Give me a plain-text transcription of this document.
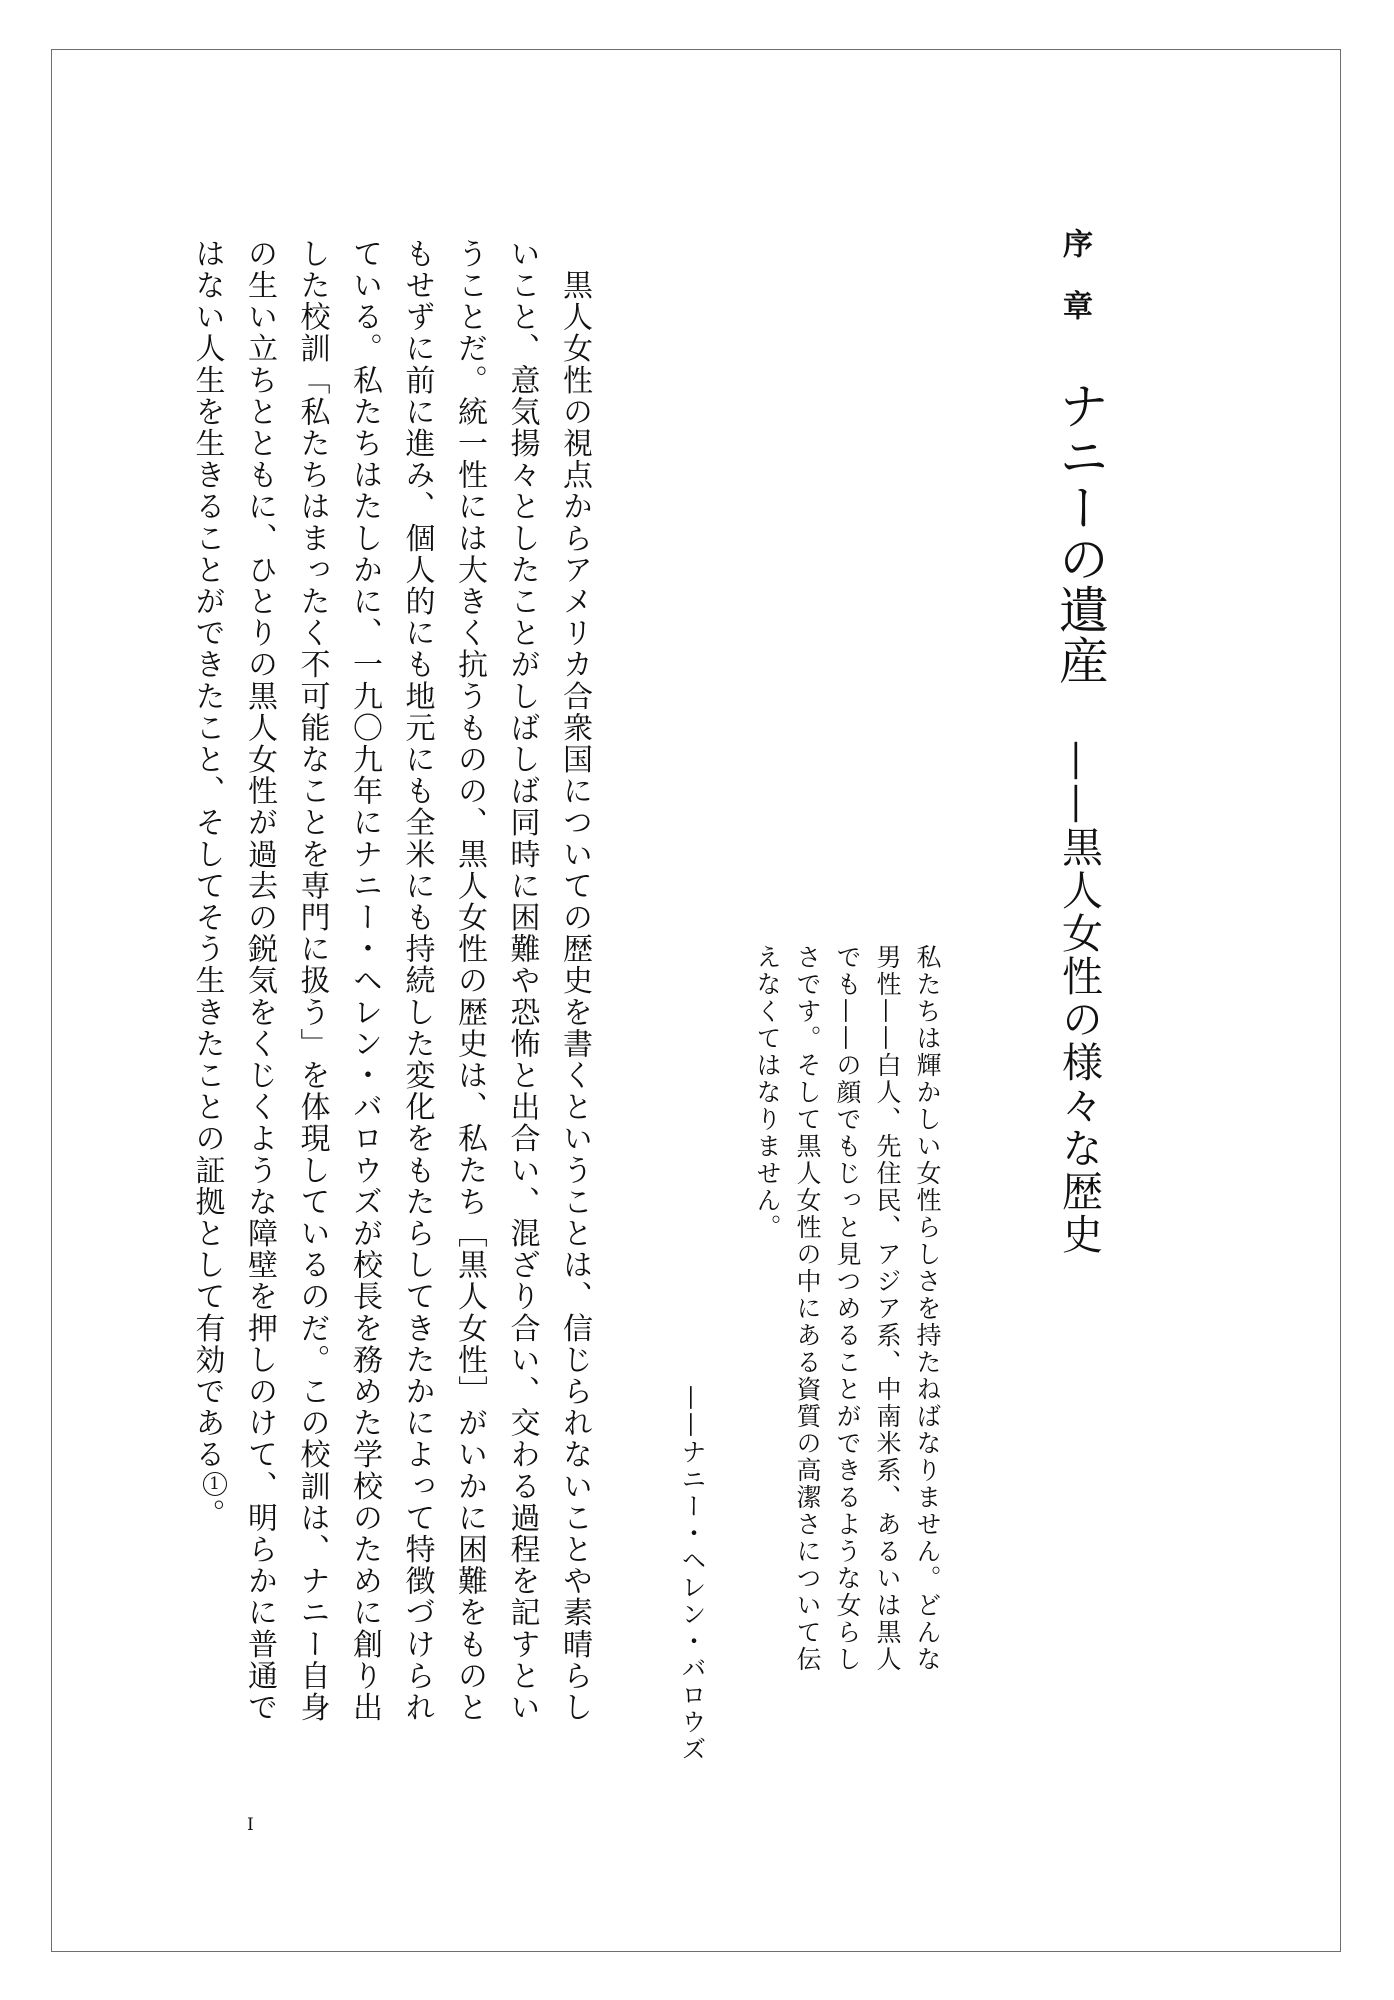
序章
ナニーの遺産
——黒人女性の様々な歴史
私たちは輝かしい女性らしさを持たねばなりません。どんな
男性——白人、先住民、アジア系、中南米系、あるいは黒人
でも——の顔でもじっと見つめることができるような女らし
さです。そして黒人女性の中にある資質の高潔さについて伝
えなくてはなりません。
——ナニー・ヘレン・バロウズ
　黒人女性の視点からアメリカ合衆国についての歴史を書くということは、信じられないことや素晴らし
いこと、意気揚々としたことがしばしば同時に困難や恐怖と出合い、混ざり合い、交わる過程を記すとい
うことだ。統一性には大きく抗うものの、黒人女性の歴史は、私たち［黒人女性］がいかに困難をものと
もせずに前に進み、個人的にも地元にも全米にも持続した変化をもたらしてきたかによって特徴づけられ
ている。私たちはたしかに、一九〇九年にナニー・ヘレン・バロウズが校長を務めた学校のために創り出
した校訓「私たちはまったく不可能なことを専門に扱う」を体現しているのだ。この校訓は、ナニー自身
の生い立ちとともに、ひとりの黒人女性が過去の鋭気をくじくような障壁を押しのけて、明らかに普通で
はない人生を生きることができたこと、そしてそう生きたことの証拠として有効である1。
I
